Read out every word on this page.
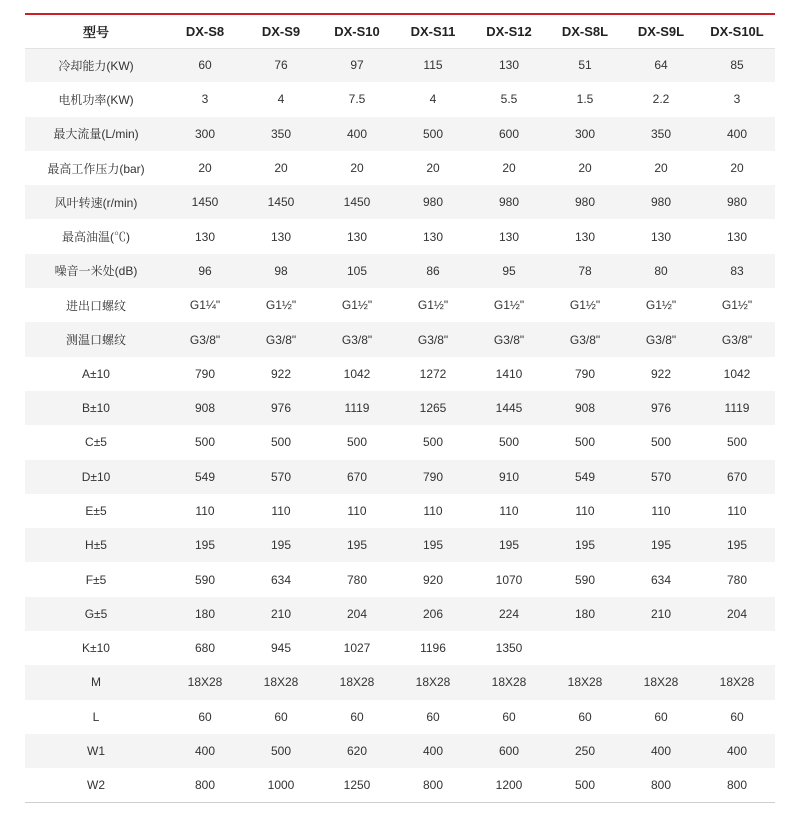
型号	DX-S8	DX-S9	DX-S10	DX-S11	DX-S12	DX-S8L	DX-S9L	DX-S10L
冷却能力(KW)	60	76	97	115	130	51	64	85
电机功率(KW)	3	4	7.5	4	5.5	1.5	2.2	3
最大流量(L/min)	300	350	400	500	600	300	350	400
最高工作压力(bar)	20	20	20	20	20	20	20	20
风叶转速(r/min)	1450	1450	1450	980	980	980	980	980
最高油温(℃)	130	130	130	130	130	130	130	130
噪音一米处(dB)	96	98	105	86	95	78	80	83
进出口螺纹	G1¼"	G1½"	G1½"	G1½"	G1½"	G1½"	G1½"	G1½"
测温口螺纹	G3/8"	G3/8"	G3/8"	G3/8"	G3/8"	G3/8"	G3/8"	G3/8"
A±10	790	922	1042	1272	1410	790	922	1042
B±10	908	976	1119	1265	1445	908	976	1119
C±5	500	500	500	500	500	500	500	500
D±10	549	570	670	790	910	549	570	670
E±5	110	110	110	110	110	110	110	110
H±5	195	195	195	195	195	195	195	195
F±5	590	634	780	920	1070	590	634	780
G±5	180	210	204	206	224	180	210	204
K±10	680	945	1027	1196	1350			
M	18X28	18X28	18X28	18X28	18X28	18X28	18X28	18X28
L	60	60	60	60	60	60	60	60
W1	400	500	620	400	600	250	400	400
W2	800	1000	1250	800	1200	500	800	800
